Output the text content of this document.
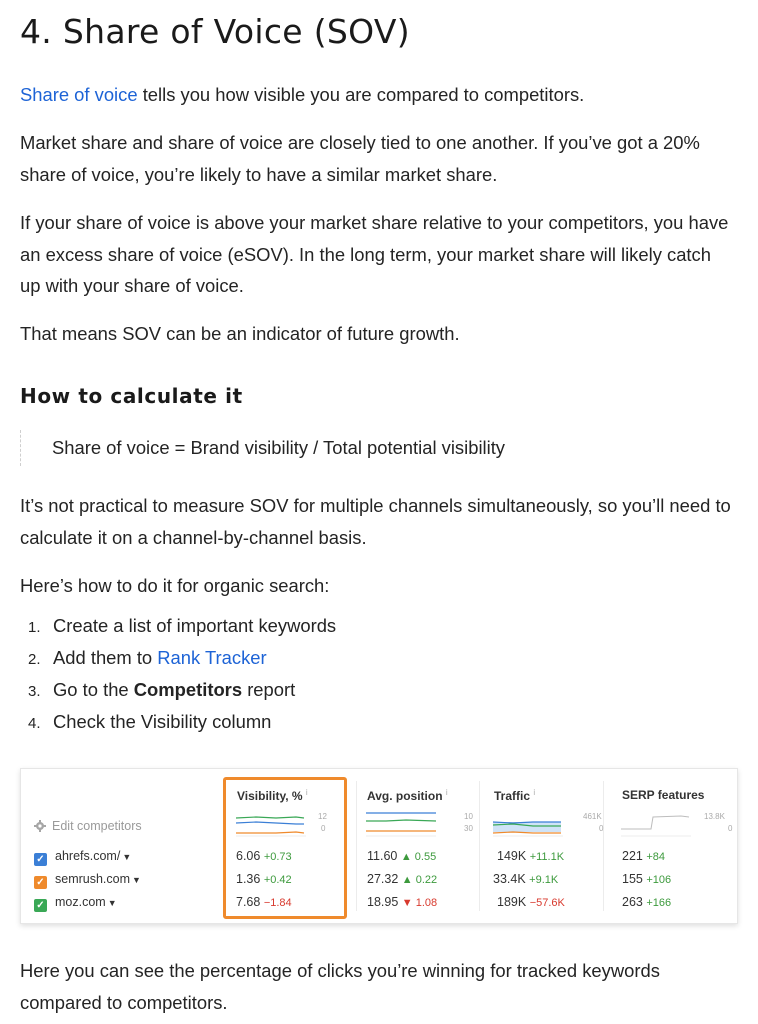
4. Share of Voice (SOV)

Share of voice tells you how visible you are compared to competitors.

Market share and share of voice are closely tied to one another. If you’ve got a 20% share of voice, you’re likely to have a similar market share.

If your share of voice is above your market share relative to your competitors, you have an excess share of voice (eSOV). In the long term, your market share will likely catch up with your share of voice.

That means SOV can be an indicator of future growth.

How to calculate it
Share of voice = Brand visibility / Total potential visibility

It’s not practical to measure SOV for multiple channels simultaneously, so you’ll need to calculate it on a channel-by-channel basis.

Here’s how to do it for organic search:

1. Create a list of important keywords
2. Add them to Rank Tracker
3. Go to the Competitors report
4. Check the Visibility column
Visibility, % $^i$	Avg. position $^i$	Traffic $^i$	SERP features
12
0
10
30
461K
0
13.8K
0
Edit competitors
✓ ahrefs.com/ ▼	6.06 +0.73	11.60 ▲ 0.55	149K +11.1K	221 +84
✓ semrush.com ▼	1.36 +0.42	27.32 ▲ 0.22	33.4K +9.1K	155 +106
✓ moz.com ▼	7.68 −1.84	18.95 ▼ 1.08	189K −57.6K	263 +166

Here you can see the percentage of clicks you’re winning for tracked keywords compared to competitors.
